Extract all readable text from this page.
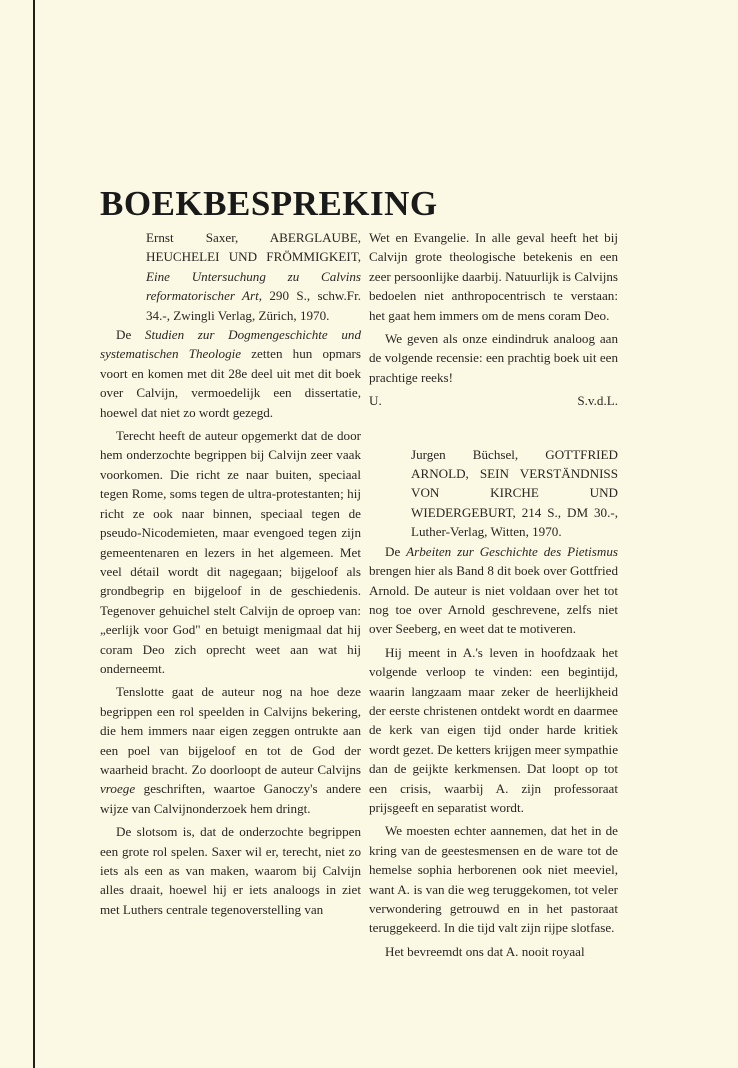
BOEKBESPREKING
Ernst Saxer, ABERGLAUBE, HEUCHELEI UND FRÖMMIGKEIT, Eine Untersuchung zu Calvins reformatorischer Art, 290 S., schw.Fr. 34.-, Zwingli Verlag, Zürich, 1970.

De Studien zur Dogmengeschichte und systematischen Theologie zetten hun opmars voort en komen met dit 28e deel uit met dit boek over Calvijn, vermoedelijk een dissertatie, hoewel dat niet zo wordt gezegd.

Terecht heeft de auteur opgemerkt dat de door hem onderzochte begrippen bij Calvijn zeer vaak voorkomen. Die richt ze naar buiten, speciaal tegen Rome, soms tegen de ultra-protestanten; hij richt ze ook naar binnen, speciaal tegen de pseudo-Nicodemieten, maar evengoed tegen zijn gemeentenaren en lezers in het algemeen. Met veel détail wordt dit nagegaan; bijgeloof als grondbegrip en bijgeloof in de geschiedenis. Tegenover gehuichel stelt Calvijn de oproep van: „eerlijk voor God" en betuigt menigmaal dat hij coram Deo zich oprecht weet aan wat hij onderneemt.

Tenslotte gaat de auteur nog na hoe deze begrippen een rol speelden in Calvijns bekering, die hem immers naar eigen zeggen ontrukte aan een poel van bijgeloof en tot de God der waarheid bracht. Zo doorloopt de auteur Calvijns vroege geschriften, waartoe Ganoczy's andere wijze van Calvijnonderzoek hem dringt.

De slotsom is, dat de onderzochte begrippen een grote rol spelen. Saxer wil er, terecht, niet zo iets als een as van maken, waarom bij Calvijn alles draait, hoewel hij er iets analoogs in ziet met Luthers centrale tegenoverstelling van

Wet en Evangelie. In alle geval heeft het bij Calvijn grote theologische betekenis en een zeer persoonlijke daarbij. Natuurlijk is Calvijns bedoelen niet anthropocentrisch te verstaan: het gaat hem immers om de mens coram Deo.

We geven als onze eindindruk analoog aan de volgende recensie: een prachtig boek uit een prachtige reeks!

U.	S.v.d.L.
Jurgen Büchsel, GOTTFRIED ARNOLD, SEIN VERSTÄNDNISS VON KIRCHE UND WIEDERGEBURT, 214 S., DM 30.-, Luther-Verlag, Witten, 1970.

De Arbeiten zur Geschichte des Pietismus brengen hier als Band 8 dit boek over Gottfried Arnold. De auteur is niet voldaan over het tot nog toe over Arnold geschrevene, zelfs niet over Seeberg, en weet dat te motiveren.

Hij meent in A.'s leven in hoofdzaak het volgende verloop te vinden: een begintijd, waarin langzaam maar zeker de heerlijkheid der eerste christenen ontdekt wordt en daarmee de kerk van eigen tijd onder harde kritiek wordt gezet. De ketters krijgen meer sympathie dan de geijkte kerkmensen. Dat loopt op tot een crisis, waarbij A. zijn professoraat prijsgeeft en separatist wordt.

We moesten echter aannemen, dat het in de kring van de geestesmensen en de ware tot de hemelse sophia herborenen ook niet meeviel, want A. is van die weg teruggekomen, tot veler verwondering getrouwd en in het pastoraat teruggekeerd. In die tijd valt zijn rijpe slotfase.

Het bevreemdt ons dat A. nooit royaal
